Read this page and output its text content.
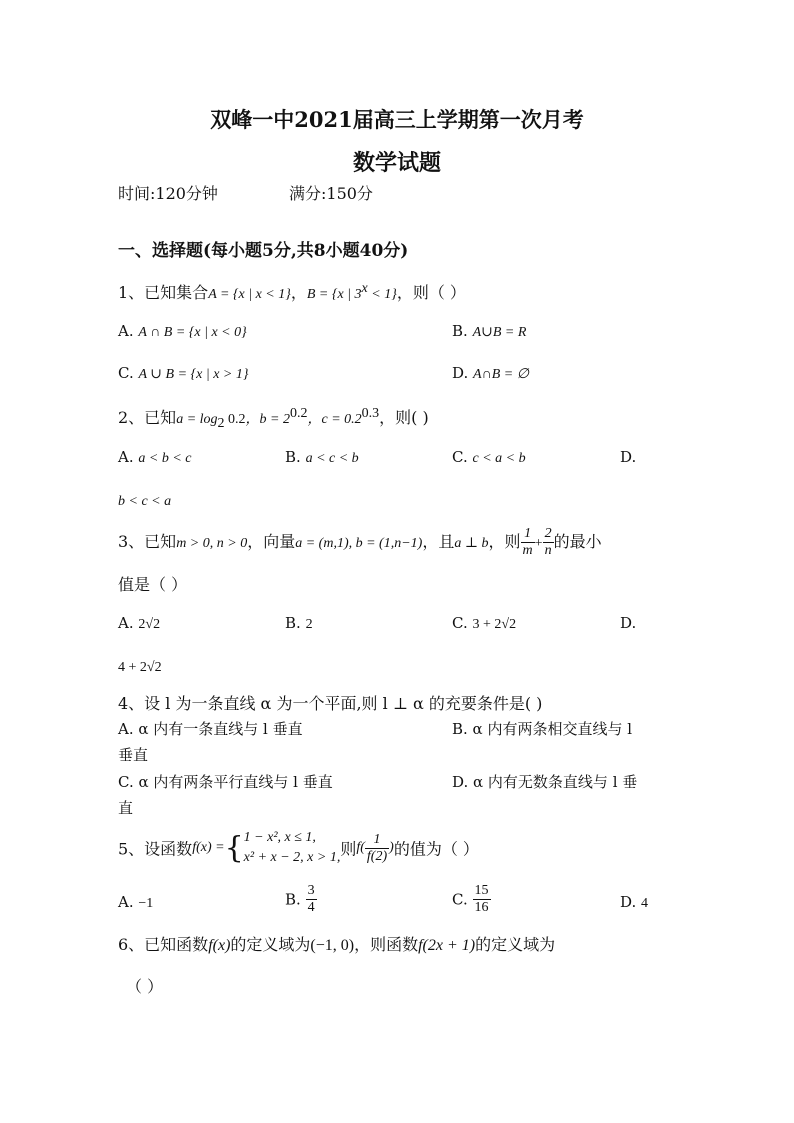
双峰一中2021届高三上学期第一次月考
数学试题
时间:120分钟	满分:150分
一、选择题(每小题5分,共8小题40分)
1、已知集合A = {x | x < 1}，B = {x | $3^x < 1$}，则（ ）
A. A ∩ B = {x | x < 0}	B. A∪B = R
C. A ∪ B = {x | x > 1}	D. A∩B = ∅
2、已知$a = \log_2 0.2$，$b = 2^{0.2}$，$c = 0.2^{0.3}$，则( )
A. a < b < c	B. a < c < b	C. c < a < b	D.
b < c < a
3、已知m > 0, n > 0，向量a = (m,1), b = (1,n−1)，且a ⊥ b，则 $\frac{1}{m} + \frac{2}{n}$ 的最小
值是（ ）
A. 2√2	B. 2	C. 3 + 2√2	D.
4 + 2√2
4、设 l 为一条直线 α 为一个平面,则 l ⊥ α 的充要条件是( )
A. α 内有一条直线与 l 垂直	B. α 内有两条相交直线与 l
垂直
C. α 内有两条平行直线与 l 垂直	D. α 内有无数条直线与 l 垂
直
5、设函数f(x) ={ 1 − x², x ≤ 1,
x² + x − 2, x > 1, 则$f( \frac{1}{f(2)}$ )的值为（ ）
A. −1	B. $\frac{3}{4}$	C. $\frac{15}{16}$	D. 4
6、已知函数f(x)的定义域为(−1, 0)，则函数f(2x + 1)的定义域为
（ ）
